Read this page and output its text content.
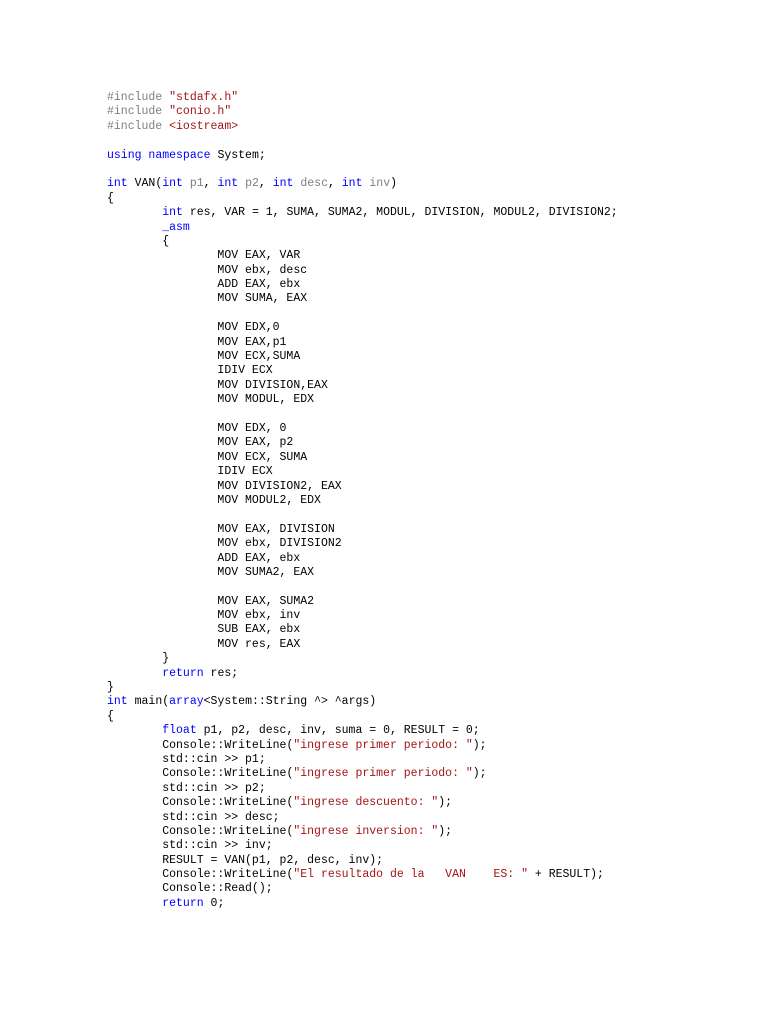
#include "stdafx.h"
#include "conio.h"
#include <iostream>
using namespace System;
int VAN(int p1, int p2, int desc, int inv)
{
int res, VAR = 1, SUMA, SUMA2, MODUL, DIVISION, MODUL2, DIVISION2;
_asm
{
MOV EAX, VAR
MOV ebx, desc
ADD EAX, ebx
MOV SUMA, EAX
MOV EDX,0
MOV EAX,p1
MOV ECX,SUMA
IDIV ECX
MOV DIVISION,EAX
MOV MODUL, EDX
MOV EDX, 0
MOV EAX, p2
MOV ECX, SUMA
IDIV ECX
MOV DIVISION2, EAX
MOV MODUL2, EDX
MOV EAX, DIVISION
MOV ebx, DIVISION2
ADD EAX, ebx
MOV SUMA2, EAX
MOV EAX, SUMA2
MOV ebx, inv
SUB EAX, ebx
MOV res, EAX
}
return res;
}
int main(array<System::String ^> ^args)
{
float p1, p2, desc, inv, suma = 0, RESULT = 0;
Console::WriteLine("ingrese primer periodo: ");
std::cin >> p1;
Console::WriteLine("ingrese primer periodo: ");
std::cin >> p2;
Console::WriteLine("ingrese descuento: ");
std::cin >> desc;
Console::WriteLine("ingrese inversion: ");
std::cin >> inv;
RESULT = VAN(p1, p2, desc, inv);
Console::WriteLine("El resultado de la   VAN    ES: " + RESULT);
Console::Read();
return 0;
